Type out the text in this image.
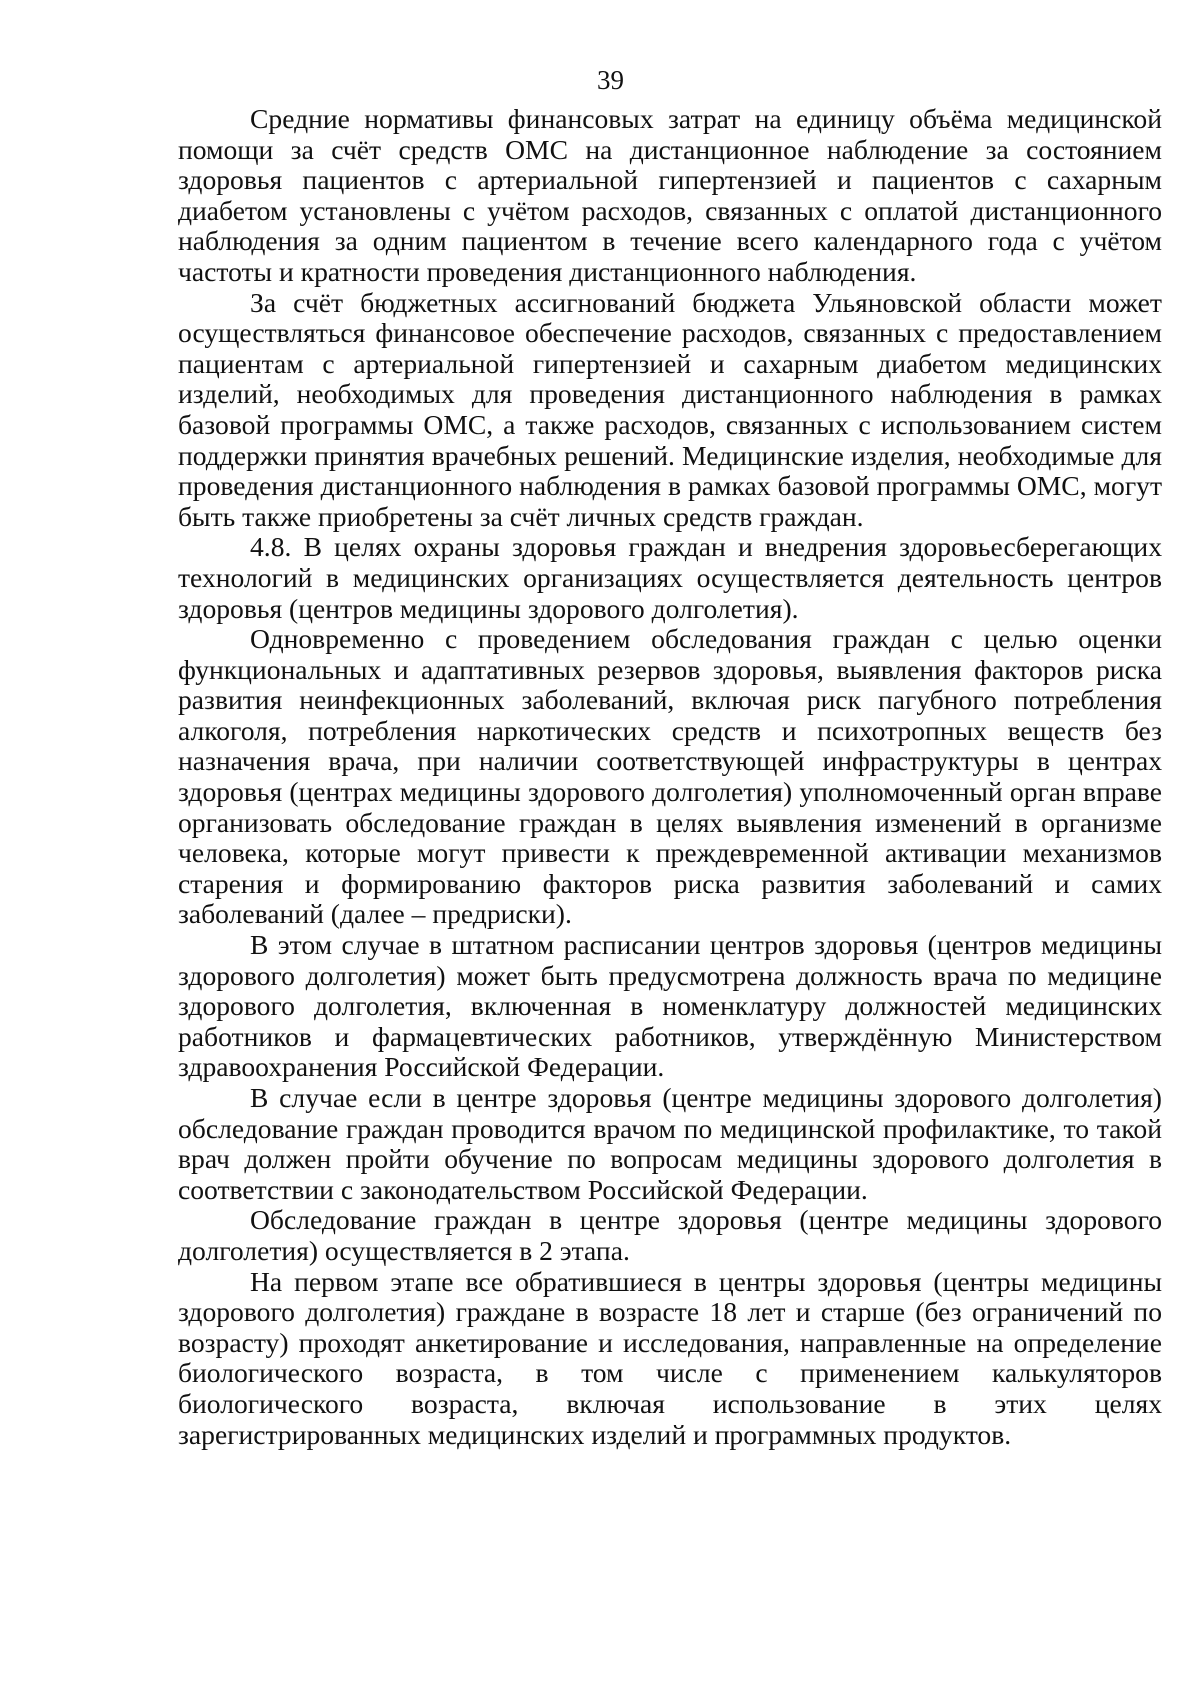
39

Средние нормативы финансовых затрат на единицу объёма медицинской помощи за счёт средств ОМС на дистанционное наблюдение за состоянием здоровья пациентов с артериальной гипертензией и пациентов с сахарным диабетом установлены с учётом расходов, связанных с оплатой дистанционного наблюдения за одним пациентом в течение всего календарного года с учётом частоты и кратности проведения дистанционного наблюдения.

За счёт бюджетных ассигнований бюджета Ульяновской области может осуществляться финансовое обеспечение расходов, связанных с предоставлением пациентам с артериальной гипертензией и сахарным диабетом медицинских изделий, необходимых для проведения дистанционного наблюдения в рамках базовой программы ОМС, а также расходов, связанных с использованием систем поддержки принятия врачебных решений. Медицинские изделия, необходимые для проведения дистанционного наблюдения в рамках базовой программы ОМС, могут быть также приобретены за счёт личных средств граждан.

4.8. В целях охраны здоровья граждан и внедрения здоровьесберегающих технологий в медицинских организациях осуществляется деятельность центров здоровья (центров медицины здорового долголетия).

Одновременно с проведением обследования граждан с целью оценки функциональных и адаптативных резервов здоровья, выявления факторов риска развития неинфекционных заболеваний, включая риск пагубного потребления алкоголя, потребления наркотических средств и психотропных веществ без назначения врача, при наличии соответствующей инфраструктуры в центрах здоровья (центрах медицины здорового долголетия) уполномоченный орган вправе организовать обследование граждан в целях выявления изменений в организме человека, которые могут привести к преждевременной активации механизмов старения и формированию факторов риска развития заболеваний и самих заболеваний (далее – предриски).

В этом случае в штатном расписании центров здоровья (центров медицины здорового долголетия) может быть предусмотрена должность врача по медицине здорового долголетия, включенная в номенклатуру должностей медицинских работников и фармацевтических работников, утверждённую Министерством здравоохранения Российской Федерации.

В случае если в центре здоровья (центре медицины здорового долголетия) обследование граждан проводится врачом по медицинской профилактике, то такой врач должен пройти обучение по вопросам медицины здорового долголетия в соответствии с законодательством Российской Федерации.

Обследование граждан в центре здоровья (центре медицины здорового долголетия) осуществляется в 2 этапа.

На первом этапе все обратившиеся в центры здоровья (центры медицины здорового долголетия) граждане в возрасте 18 лет и старше (без ограничений по возрасту) проходят анкетирование и исследования, направленные на определение биологического возраста, в том числе с применением калькуляторов биологического возраста, включая использование в этих целях зарегистрированных медицинских изделий и программных продуктов.
